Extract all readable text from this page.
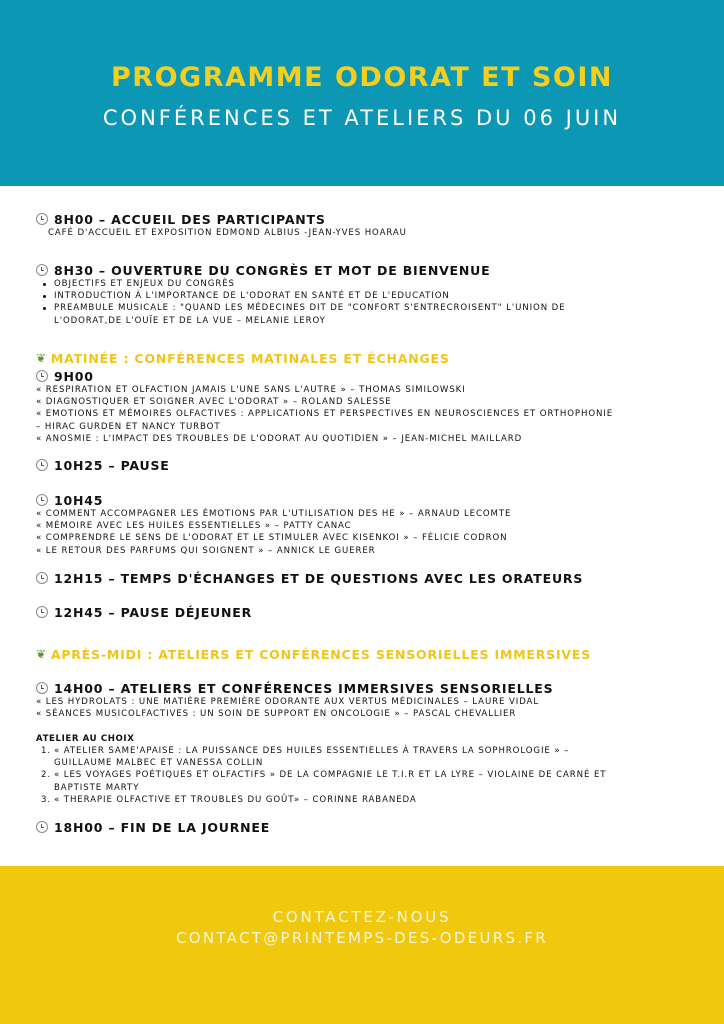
PROGRAMME ODORAT ET SOIN
CONFÉRENCES ET ATELIERS DU 06 JUIN
8H00 – ACCUEIL DES PARTICIPANTS
CAFÉ D'ACCUEIL ET EXPOSITION EDMOND ALBIUS -JEAN-YVES HOARAU
8H30 – OUVERTURE DU CONGRÈS ET MOT DE BIENVENUE
OBJECTIFS ET ENJEUX DU CONGRÈS
INTRODUCTION À L'IMPORTANCE DE L'ODORAT EN SANTÉ ET DE L'EDUCATION
PREAMBULE MUSICALE : "QUAND LES MÉDECINES DIT DE "CONFORT S'ENTRECROISENT" L'UNION DE
L'ODORAT,DE L'OUÏE ET DE LA VUE – MELANIE LEROY
❦ MATINÉE : CONFÉRENCES MATINALES ET ÉCHANGES
9H00
« RESPIRATION ET OLFACTION JAMAIS L'UNE SANS L'AUTRE » – THOMAS SIMILOWSKI
« DIAGNOSTIQUER ET SOIGNER AVEC L'ODORAT » – ROLAND SALESSE
« EMOTIONS ET MÉMOIRES OLFACTIVES : APPLICATIONS ET PERSPECTIVES EN NEUROSCIENCES ET ORTHOPHONIE
– HIRAC GURDEN ET NANCY TURBOT
« ANOSMIE : L'IMPACT DES TROUBLES DE L'ODORAT AU QUOTIDIEN » – JEAN-MICHEL MAILLARD
10H25 – PAUSE
10H45
« COMMENT ACCOMPAGNER LES ÉMOTIONS PAR L'UTILISATION DES HE » – ARNAUD LECOMTE
« MÉMOIRE AVEC LES HUILES ESSENTIELLES » – PATTY CANAC
« COMPRENDRE LE SENS DE L'ODORAT ET LE STIMULER AVEC KISENKOI » – FÉLICIE CODRON
« LE RETOUR DES PARFUMS QUI SOIGNENT » – ANNICK LE GUERER
12H15 – TEMPS D'ÉCHANGES ET DE QUESTIONS AVEC LES ORATEURS
12H45 – PAUSE DÉJEUNER
❦ APRÈS-MIDI : ATELIERS ET CONFÉRENCES SENSORIELLES IMMERSIVES
14H00 – ATELIERS ET CONFÉRENCES IMMERSIVES SENSORIELLES
« LES HYDROLATS : UNE MATIÈRE PREMIÈRE ODORANTE AUX VERTUS MÉDICINALES – LAURE VIDAL
« SÉANCES MUSICOLFACTIVES : UN SOIN DE SUPPORT EN ONCOLOGIE » – PASCAL CHEVALLIER
ATELIER AU CHOIX
1. « ATELIER SAME'APAISE : LA PUISSANCE DES HUILES ESSENTIELLES À TRAVERS LA SOPHROLOGIE » –
GUILLAUME MALBEC ET VANESSA COLLIN
2. « LES VOYAGES POÉTIQUES ET OLFACTIFS » DE LA COMPAGNIE LE T.I.R ET LA LYRE – VIOLAINE DE CARNÉ ET
BAPTISTE MARTY
3. « THERAPIE OLFACTIVE ET TROUBLES DU GOÛT» – CORINNE RABANEDA
18H00 – FIN DE LA JOURNEE
CONTACTEZ-NOUS
CONTACT@PRINTEMPS-DES-ODEURS.FR
